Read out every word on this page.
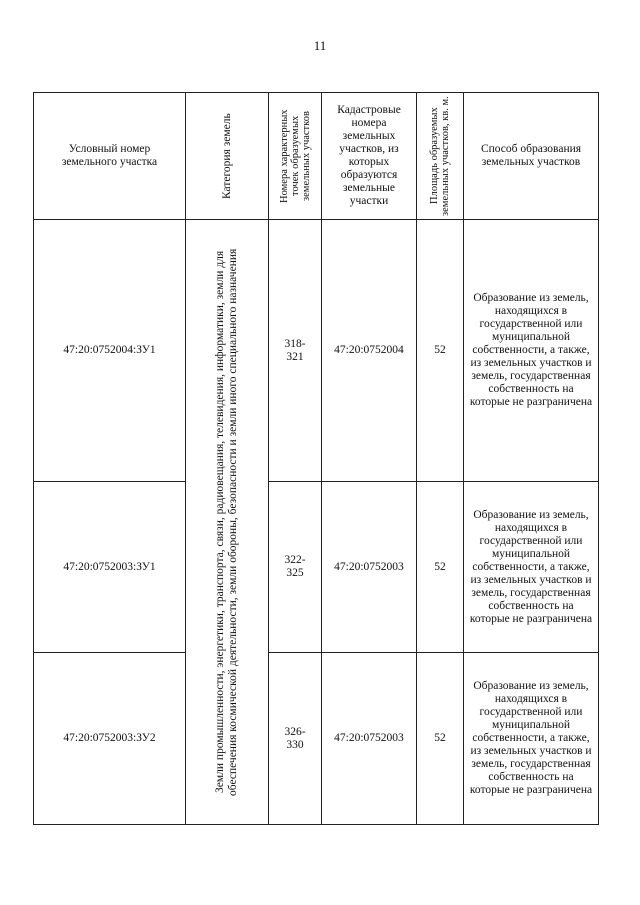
11
Условный номер земельного участка	Категория земель	Номера характерных точек образуемых земельных участков	Кадастровые номера земельных участков, из которых образуются земельные участки	Площадь образуемых земельных участков, кв. м.	Способ образования земельных участков

47:20:0752004:ЗУ1	Земли промышленности, энергетики, транспорта, связи, радиовещания, телевидения, информатики, земли для обеспечения космической деятельности, земли обороны, безопасности и земли иного специального назначения	318-321	47:20:0752004	52	Образование из земель, находящихся в государственной или муниципальной собственности, а также, из земельных участков и земель, государственная собственность на которые не разграничена

47:20:0752003:ЗУ1		322-325	47:20:0752003	52	Образование из земель, находящихся в государственной или муниципальной собственности, а также, из земельных участков и земель, государственная собственность на которые не разграничена

47:20:0752003:ЗУ2		326-330	47:20:0752003	52	Образование из земель, находящихся в государственной или муниципальной собственности, а также, из земельных участков и земель, государственная собственность на которые не разграничена
